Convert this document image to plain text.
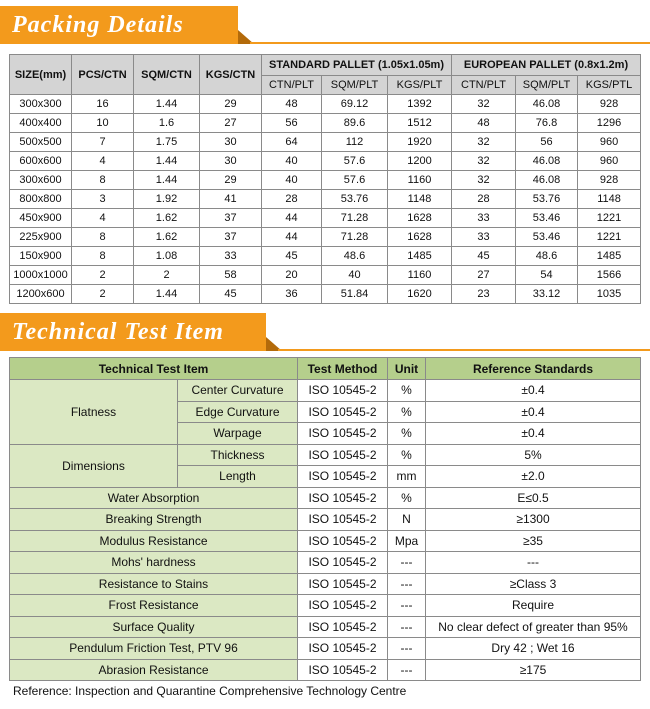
Packing Details
SIZE(mm)	PCS/CTN	SQM/CTN	KGS/CTN	STANDARD PALLET (1.05x1.05m)			EUROPEAN PALLET (0.8x1.2m)		
				CTN/PLT	SQM/PLT	KGS/PLT	CTN/PLT	SQM/PLT	KGS/PTL
300x300	16	1.44	29	48	69.12	1392	32	46.08	928
400x400	10	1.6	27	56	89.6	1512	48	76.8	1296
500x500	7	1.75	30	64	112	1920	32	56	960
600x600	4	1.44	30	40	57.6	1200	32	46.08	960
300x600	8	1.44	29	40	57.6	1160	32	46.08	928
800x800	3	1.92	41	28	53.76	1148	28	53.76	1148
450x900	4	1.62	37	44	71.28	1628	33	53.46	1221
225x900	8	1.62	37	44	71.28	1628	33	53.46	1221
150x900	8	1.08	33	45	48.6	1485	45	48.6	1485
1000x1000	2	2	58	20	40	1160	27	54	1566
1200x600	2	1.44	45	36	51.84	1620	23	33.12	1035
Technical Test Item
Technical Test Item		Test Method	Unit	Reference Standards
Flatness	Center Curvature	ISO 10545-2	%	±0.4
	Edge Curvature	ISO 10545-2	%	±0.4
	Warpage	ISO 10545-2	%	±0.4
Dimensions	Thickness	ISO 10545-2	%	5%
	Length	ISO 10545-2	mm	±2.0
Water Absorption		ISO 10545-2	%	E≤0.5
Breaking Strength		ISO 10545-2	N	≥1300
Modulus Resistance		ISO 10545-2	Mpa	≥35
Mohs' hardness		ISO 10545-2	---	---
Resistance to Stains		ISO 10545-2	---	≥Class 3
Frost Resistance		ISO 10545-2	---	Require
Surface Quality		ISO 10545-2	---	No clear defect of greater than 95%
Pendulum Friction Test, PTV 96		ISO 10545-2	---	Dry 42 ; Wet 16
Abrasion Resistance		ISO 10545-2	---	≥175
Reference: Inspection and Quarantine Comprehensive Technology Centre
